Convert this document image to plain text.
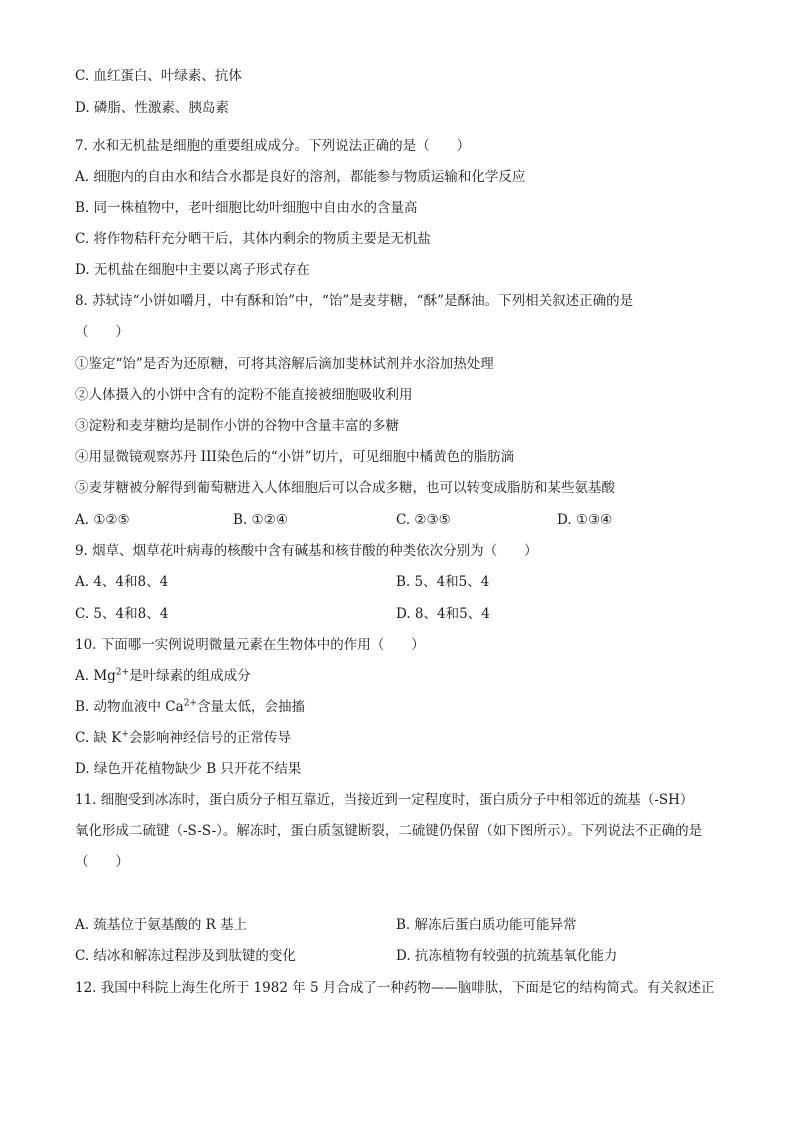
C. 血红蛋白、叶绿素、抗体
D. 磷脂、性激素、胰岛素
7. 水和无机盐是细胞的重要组成成分。下列说法正确的是（　　）
A. 细胞内的自由水和结合水都是良好的溶剂，都能参与物质运输和化学反应
B. 同一株植物中，老叶细胞比幼叶细胞中自由水的含量高
C. 将作物秸秆充分晒干后，其体内剩余的物质主要是无机盐
D. 无机盐在细胞中主要以离子形式存在
8. 苏轼诗“小饼如嚼月，中有酥和饴”中，“饴”是麦芽糖，“酥”是酥油。下列相关叙述正确的是
（　　）
①鉴定“饴”是否为还原糖，可将其溶解后滴加斐林试剂并水浴加热处理
②人体摄入的小饼中含有的淀粉不能直接被细胞吸收利用
③淀粉和麦芽糖均是制作小饼的谷物中含量丰富的多糖
④用显微镜观察苏丹 III染色后的“小饼”切片，可见细胞中橘黄色的脂肪滴
⑤麦芽糖被分解得到葡萄糖进入人体细胞后可以合成多糖，也可以转变成脂肪和某些氨基酸
A. ①②⑤	B. ①②④	C. ②③⑤	D. ①③④
9. 烟草、烟草花叶病毒的核酸中含有碱基和核苷酸的种类依次分别为（　　）
A. 4、4和8、4	B. 5、4和5、4
C. 5、4和8、4	D. 8、4和5、4
10. 下面哪一实例说明微量元素在生物体中的作用（　　）
A. $Mg^{2+}$是叶绿素的组成成分
B. 动物血液中 $Ca^{2+}$含量太低，会抽搐
C. 缺 K+会影响神经信号的正常传导
D. 绿色开花植物缺少 B 只开花不结果
11. 细胞受到冰冻时，蛋白质分子相互靠近，当接近到一定程度时，蛋白质分子中相邻近的巯基（-SH）
氧化形成二硫键（-S-S-）。解冻时，蛋白质氢键断裂，二硫键仍保留（如下图所示）。下列说法不正确的是
（　　）
A. 巯基位于氨基酸的 R 基上	B. 解冻后蛋白质功能可能异常
C. 结冰和解冻过程涉及到肽键的变化	D. 抗冻植物有较强的抗巯基氧化能力
12. 我国中科院上海生化所于 1982 年 5 月合成了一种药物——脑啡肽，下面是它的结构简式。有关叙述正
